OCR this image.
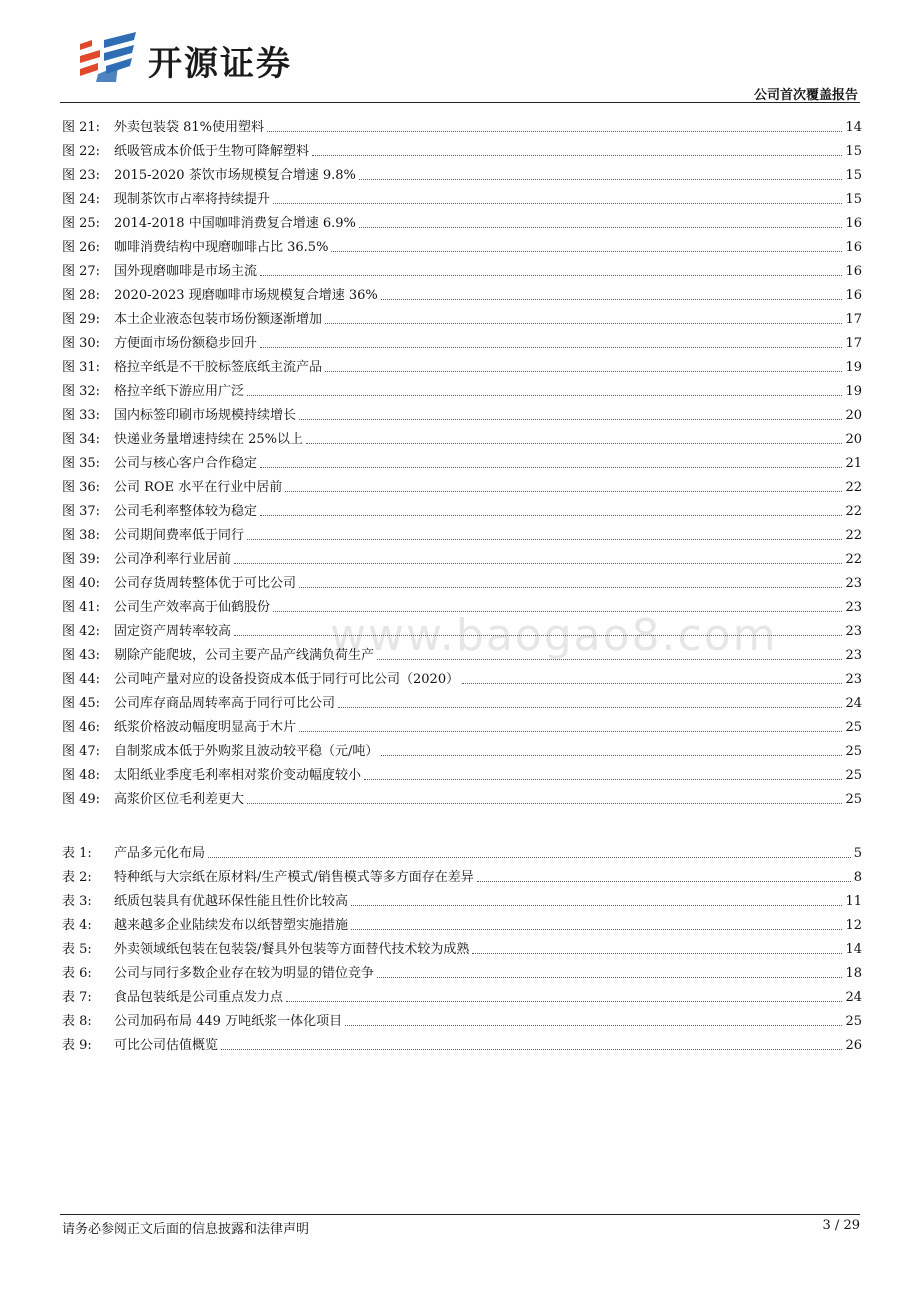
开源证券
公司首次覆盖报告
www.baogao8.com
图 21:	外卖包装袋 81%使用塑料	14
图 22:	纸吸管成本价低于生物可降解塑料	15
图 23:	2015-2020 茶饮市场规模复合增速 9.8%	15
图 24:	现制茶饮市占率将持续提升	15
图 25:	2014-2018 中国咖啡消费复合增速 6.9%	16
图 26:	咖啡消费结构中现磨咖啡占比 36.5%	16
图 27:	国外现磨咖啡是市场主流	16
图 28:	2020-2023 现磨咖啡市场规模复合增速 36%	16
图 29:	本土企业液态包装市场份额逐渐增加	17
图 30:	方便面市场份额稳步回升	17
图 31:	格拉辛纸是不干胶标签底纸主流产品	19
图 32:	格拉辛纸下游应用广泛	19
图 33:	国内标签印刷市场规模持续增长	20
图 34:	快递业务量增速持续在 25%以上	20
图 35:	公司与核心客户合作稳定	21
图 36:	公司 ROE 水平在行业中居前	22
图 37:	公司毛利率整体较为稳定	22
图 38:	公司期间费率低于同行	22
图 39:	公司净利率行业居前	22
图 40:	公司存货周转整体优于可比公司	23
图 41:	公司生产效率高于仙鹤股份	23
图 42:	固定资产周转率较高	23
图 43:	剔除产能爬坡，公司主要产品产线满负荷生产	23
图 44:	公司吨产量对应的设备投资成本低于同行可比公司（2020）	23
图 45:	公司库存商品周转率高于同行可比公司	24
图 46:	纸浆价格波动幅度明显高于木片	25
图 47:	自制浆成本低于外购浆且波动较平稳（元/吨）	25
图 48:	太阳纸业季度毛利率相对浆价变动幅度较小	25
图 49:	高浆价区位毛利差更大	25
表 1:	产品多元化布局	5
表 2:	特种纸与大宗纸在原材料/生产模式/销售模式等多方面存在差异	8
表 3:	纸质包装具有优越环保性能且性价比较高	11
表 4:	越来越多企业陆续发布以纸替塑实施措施	12
表 5:	外卖领域纸包装在包装袋/餐具外包装等方面替代技术较为成熟	14
表 6:	公司与同行多数企业存在较为明显的错位竞争	18
表 7:	食品包装纸是公司重点发力点	24
表 8:	公司加码布局 449 万吨纸浆一体化项目	25
表 9:	可比公司估值概览	26
请务必参阅正文后面的信息披露和法律声明	3 / 29
